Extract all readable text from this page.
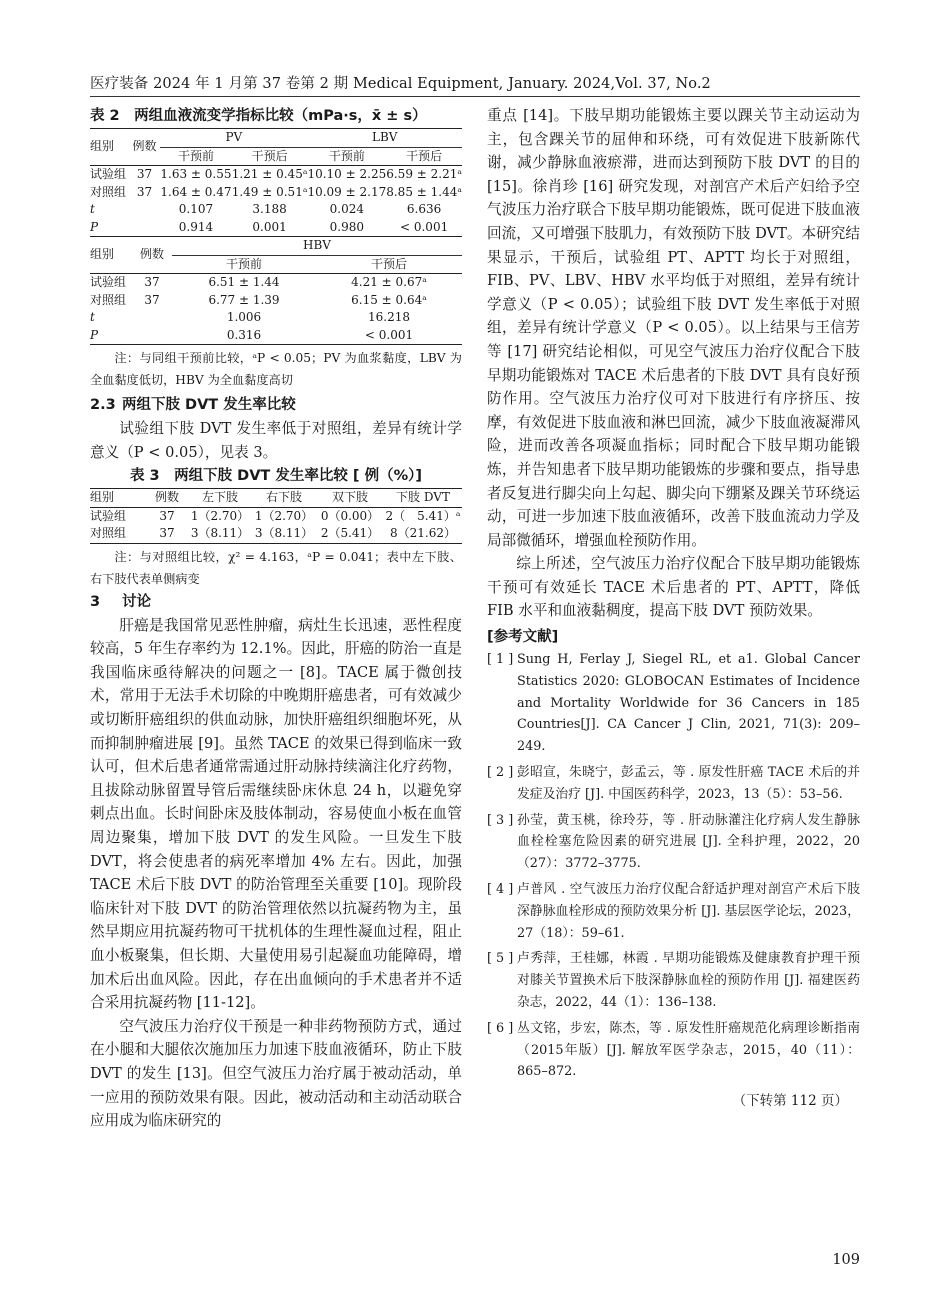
医疗装备 2024 年 1 月第 37 卷第 2 期 Medical Equipment, January. 2024,Vol. 37, No.2
表 2　两组血液流变学指标比较（mPa·s，x̄ ± s）
组别	例数	PV		LBV	
		干预前	干预后	干预前	干预后
试验组	37	1.63 ± 0.55	1.21 ± 0.45ᵃ	10.10 ± 2.25	6.59 ± 2.21ᵃ
对照组	37	1.64 ± 0.47	1.49 ± 0.51ᵃ	10.09 ± 2.17	8.85 ± 1.44ᵃ
t		0.107	3.188	0.024	6.636
P		0.914	0.001	0.980	< 0.001
组别	例数	HBV	
		干预前	干预后
试验组	37	6.51 ± 1.44	4.21 ± 0.67ᵃ
对照组	37	6.77 ± 1.39	6.15 ± 0.64ᵃ
t		1.006	16.218
P		0.316	< 0.001
注：与同组干预前比较，ᵃP < 0.05；PV 为血浆黏度，LBV 为全血黏度低切，HBV 为全血黏度高切
2.3 两组下肢 DVT 发生率比较
试验组下肢 DVT 发生率低于对照组，差异有统计学意义（P < 0.05），见表 3。
表 3　两组下肢 DVT 发生率比较 [ 例（%）]
组别	例数	左下肢	右下肢	双下肢	下肢 DVT
试验组	37	1（2.70）	1（2.70）	0（0.00）	2（　5.41）ᵃ
对照组	37	3（8.11）	3（8.11）	2（5.41）	8（21.62）
注：与对照组比较，χ² = 4.163，ᵃP = 0.041；表中左下肢、右下肢代表单侧病变
3 讨论
肝癌是我国常见恶性肿瘤，病灶生长迅速，恶性程度较高，5 年生存率约为 12.1%。因此，肝癌的防治一直是我国临床亟待解决的问题之一 [8]。TACE 属于微创技术，常用于无法手术切除的中晚期肝癌患者，可有效减少或切断肝癌组织的供血动脉，加快肝癌组织细胞坏死，从而抑制肿瘤进展 [9]。虽然 TACE 的效果已得到临床一致认可，但术后患者通常需通过肝动脉持续滴注化疗药物，且拔除动脉留置导管后需继续卧床休息 24 h，以避免穿刺点出血。长时间卧床及肢体制动，容易使血小板在血管周边聚集，增加下肢 DVT 的发生风险。一旦发生下肢 DVT，将会使患者的病死率增加 4% 左右。因此，加强 TACE 术后下肢 DVT 的防治管理至关重要 [10]。现阶段临床针对下肢 DVT 的防治管理依然以抗凝药物为主，虽然早期应用抗凝药物可干扰机体的生理性凝血过程，阻止血小板聚集，但长期、大量使用易引起凝血功能障碍，增加术后出血风险。因此，存在出血倾向的手术患者并不适合采用抗凝药物 [11-12]。
空气波压力治疗仪干预是一种非药物预防方式，通过在小腿和大腿依次施加压力加速下肢血液循环，防止下肢 DVT 的发生 [13]。但空气波压力治疗属于被动活动，单一应用的预防效果有限。因此，被动活动和主动活动联合应用成为临床研究的
重点 [14]。下肢早期功能锻炼主要以踝关节主动运动为主，包含踝关节的屈伸和环绕，可有效促进下肢新陈代谢，减少静脉血液瘀滞，进而达到预防下肢 DVT 的目的 [15]。徐肖珍 [16] 研究发现，对剖宫产术后产妇给予空气波压力治疗联合下肢早期功能锻炼，既可促进下肢血液回流，又可增强下肢肌力，有效预防下肢 DVT。本研究结果显示，干预后，试验组 PT、APTT 均长于对照组，FIB、PV、LBV、HBV 水平均低于对照组，差异有统计学意义（P < 0.05）；试验组下肢 DVT 发生率低于对照组，差异有统计学意义（P < 0.05）。以上结果与王信芳等 [17] 研究结论相似，可见空气波压力治疗仪配合下肢早期功能锻炼对 TACE 术后患者的下肢 DVT 具有良好预防作用。空气波压力治疗仪可对下肢进行有序挤压、按摩，有效促进下肢血液和淋巴回流，减少下肢血液凝滞风险，进而改善各项凝血指标；同时配合下肢早期功能锻炼，并告知患者下肢早期功能锻炼的步骤和要点，指导患者反复进行脚尖向上勾起、脚尖向下绷紧及踝关节环绕运动，可进一步加速下肢血液循环，改善下肢血流动力学及局部微循环，增强血栓预防作用。
综上所述，空气波压力治疗仪配合下肢早期功能锻炼干预可有效延长 TACE 术后患者的 PT、APTT，降低 FIB 水平和血液黏稠度，提高下肢 DVT 预防效果。
[参考文献]
[ 1 ] Sung H, Ferlay J, Siegel RL, et a1. Global Cancer Statistics 2020: GLOBOCAN Estimates of Incidence and Mortality Worldwide for 36 Cancers in 185 Countries[J]. CA Cancer J Clin, 2021, 71(3): 209–249.
[ 2 ] 彭昭宣，朱晓宁，彭孟云，等 . 原发性肝癌 TACE 术后的并发症及治疗 [J]. 中国医药科学，2023，13（5）：53–56.
[ 3 ] 孙莹，黄玉桃，徐玲芬，等 . 肝动脉灌注化疗病人发生静脉血栓栓塞危险因素的研究进展 [J]. 全科护理，2022，20（27）：3772–3775.
[ 4 ] 卢普风 . 空气波压力治疗仪配合舒适护理对剖宫产术后下肢深静脉血栓形成的预防效果分析 [J]. 基层医学论坛，2023，27（18）：59–61.
[ 5 ] 卢秀萍，王桂娜，林霞 . 早期功能锻炼及健康教育护理干预对膝关节置换术后下肢深静脉血栓的预防作用 [J]. 福建医药杂志，2022，44（1）：136–138.
[ 6 ] 丛文铭，步宏，陈杰，等 . 原发性肝癌规范化病理诊断指南（2015年版）[J]. 解放军医学杂志，2015，40（11）：865–872.
（下转第 112 页）
109
